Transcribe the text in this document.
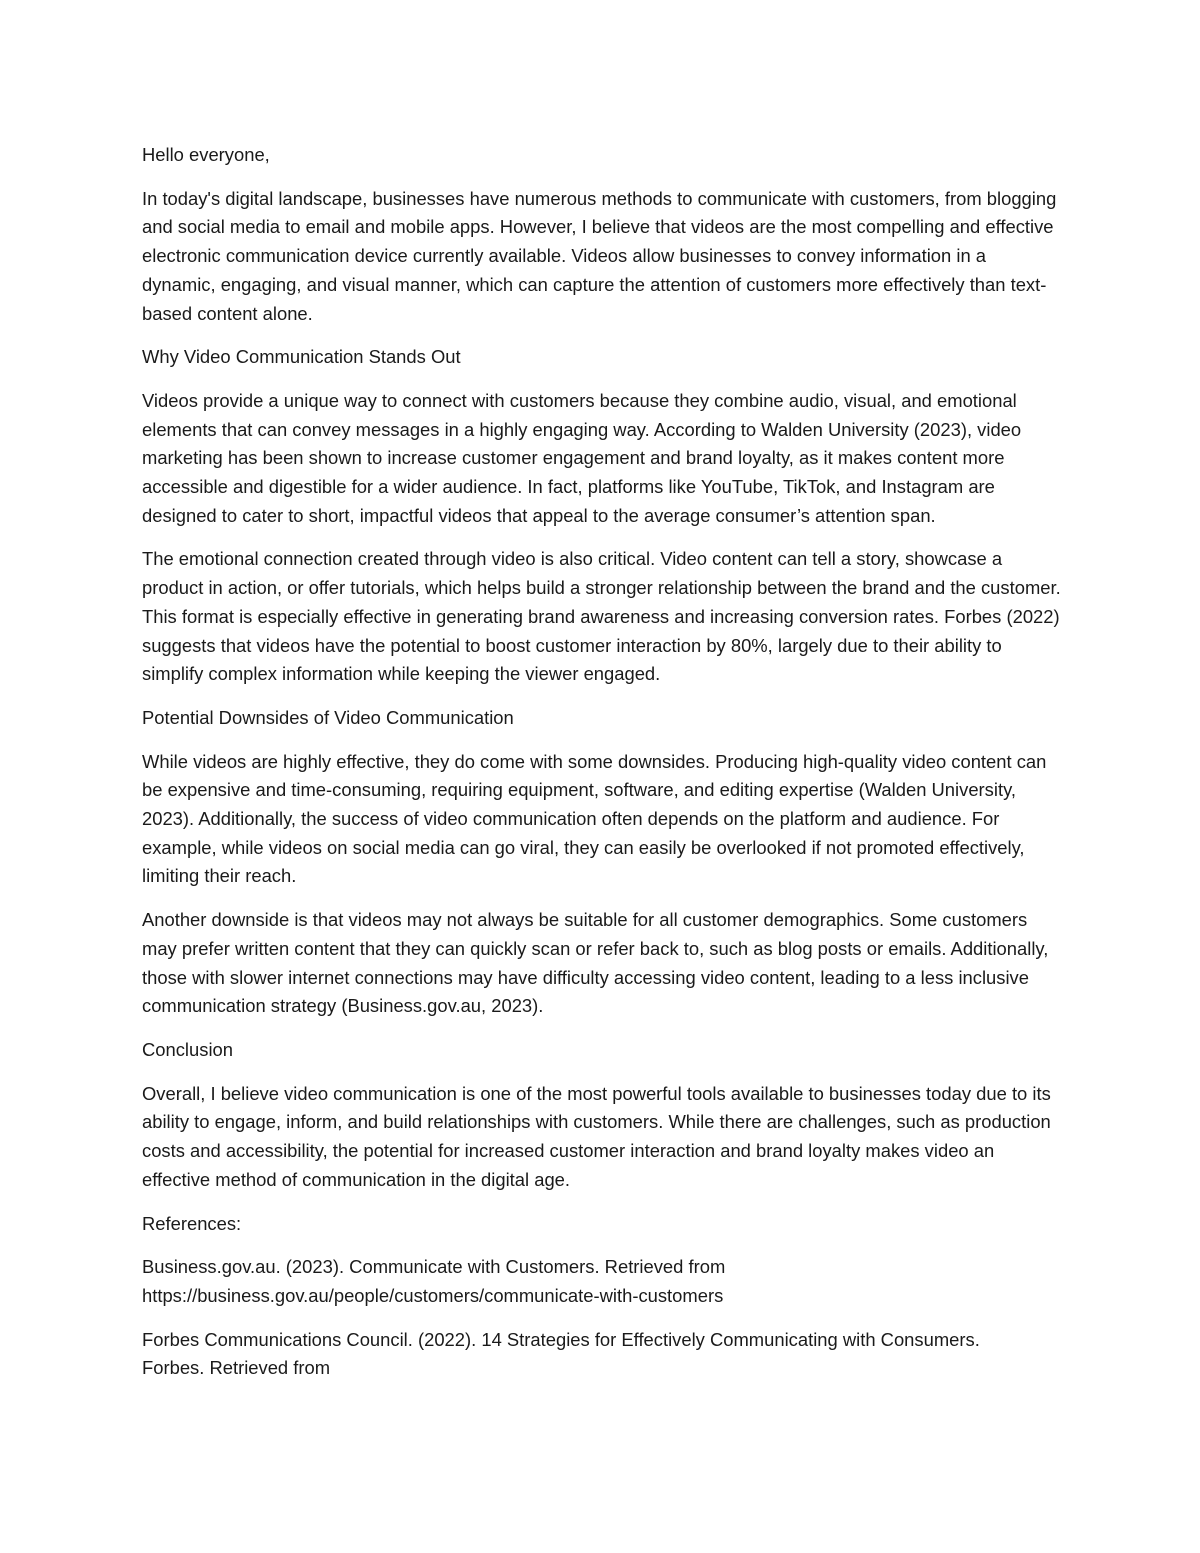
Hello everyone,

In today's digital landscape, businesses have numerous methods to communicate with customers, from blogging and social media to email and mobile apps. However, I believe that videos are the most compelling and effective electronic communication device currently available. Videos allow businesses to convey information in a dynamic, engaging, and visual manner, which can capture the attention of customers more effectively than text-based content alone.

Why Video Communication Stands Out

Videos provide a unique way to connect with customers because they combine audio, visual, and emotional elements that can convey messages in a highly engaging way. According to Walden University (2023), video marketing has been shown to increase customer engagement and brand loyalty, as it makes content more accessible and digestible for a wider audience. In fact, platforms like YouTube, TikTok, and Instagram are designed to cater to short, impactful videos that appeal to the average consumer’s attention span.

The emotional connection created through video is also critical. Video content can tell a story, showcase a product in action, or offer tutorials, which helps build a stronger relationship between the brand and the customer. This format is especially effective in generating brand awareness and increasing conversion rates. Forbes (2022) suggests that videos have the potential to boost customer interaction by 80%, largely due to their ability to simplify complex information while keeping the viewer engaged.

Potential Downsides of Video Communication

While videos are highly effective, they do come with some downsides. Producing high-quality video content can be expensive and time-consuming, requiring equipment, software, and editing expertise (Walden University, 2023). Additionally, the success of video communication often depends on the platform and audience. For example, while videos on social media can go viral, they can easily be overlooked if not promoted effectively, limiting their reach.

Another downside is that videos may not always be suitable for all customer demographics. Some customers may prefer written content that they can quickly scan or refer back to, such as blog posts or emails. Additionally, those with slower internet connections may have difficulty accessing video content, leading to a less inclusive communication strategy (Business.gov.au, 2023).

Conclusion

Overall, I believe video communication is one of the most powerful tools available to businesses today due to its ability to engage, inform, and build relationships with customers. While there are challenges, such as production costs and accessibility, the potential for increased customer interaction and brand loyalty makes video an effective method of communication in the digital age.

References:

Business.gov.au. (2023). Communicate with Customers. Retrieved from
https://business.gov.au/people/customers/communicate-with-customers

Forbes Communications Council. (2022). 14 Strategies for Effectively Communicating with Consumers.
Forbes. Retrieved from
